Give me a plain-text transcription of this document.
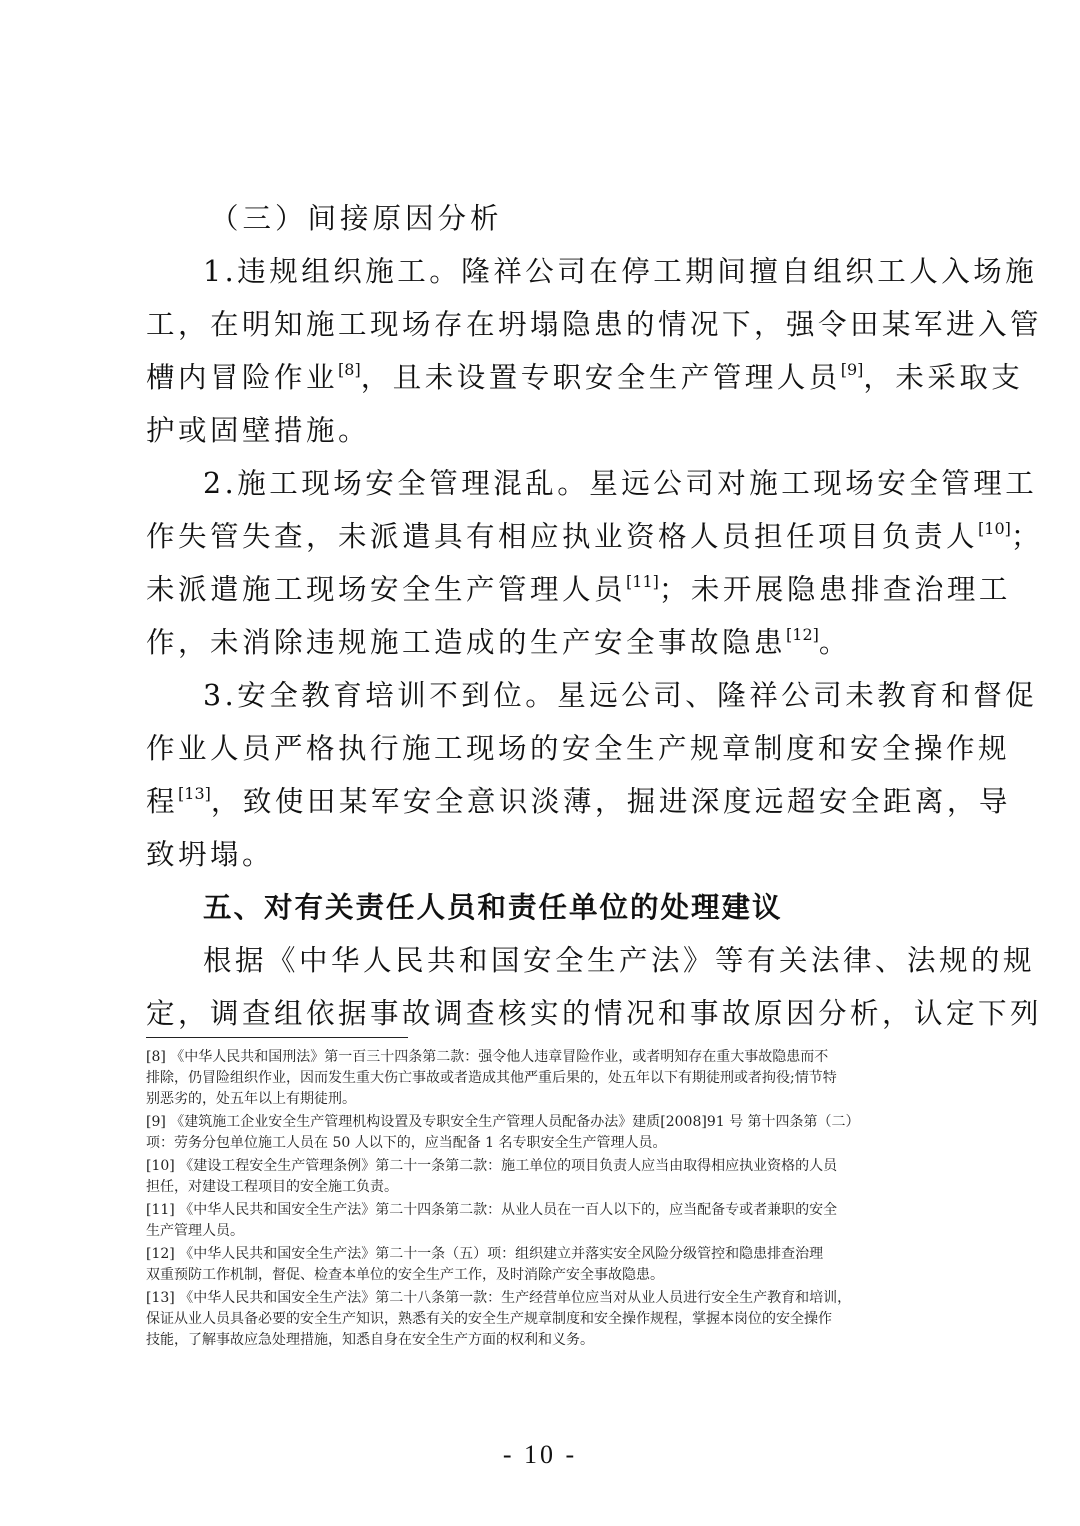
（三）间接原因分析
1.违规组织施工。隆祥公司在停工期间擅自组织工人入场施
工，在明知施工现场存在坍塌隐患的情况下，强令田某军进入管
槽内冒险作业[8]，且未设置专职安全生产管理人员[9]，未采取支
护或固壁措施。
2.施工现场安全管理混乱。星远公司对施工现场安全管理工
作失管失查，未派遣具有相应执业资格人员担任项目负责人[10]；
未派遣施工现场安全生产管理人员[11]；未开展隐患排查治理工
作，未消除违规施工造成的生产安全事故隐患[12]。
3.安全教育培训不到位。星远公司、隆祥公司未教育和督促
作业人员严格执行施工现场的安全生产规章制度和安全操作规
程[13]，致使田某军安全意识淡薄，掘进深度远超安全距离，导
致坍塌。
五、对有关责任人员和责任单位的处理建议
根据《中华人民共和国安全生产法》等有关法律、法规的规
定，调查组依据事故调查核实的情况和事故原因分析，认定下列
[8] 《中华人民共和国刑法》第一百三十四条第二款：强令他人违章冒险作业，或者明知存在重大事故隐患而不
排除，仍冒险组织作业，因而发生重大伤亡事故或者造成其他严重后果的，处五年以下有期徒刑或者拘役;情节特
别恶劣的，处五年以上有期徒刑。
[9] 《建筑施工企业安全生产管理机构设置及专职安全生产管理人员配备办法》建质[2008]91 号 第十四条第（二）
项：劳务分包单位施工人员在 50 人以下的，应当配备 1 名专职安全生产管理人员。
[10] 《建设工程安全生产管理条例》第二十一条第二款：施工单位的项目负责人应当由取得相应执业资格的人员
担任，对建设工程项目的安全施工负责。
[11] 《中华人民共和国安全生产法》第二十四条第二款：从业人员在一百人以下的，应当配备专或者兼职的安全
生产管理人员。
[12] 《中华人民共和国安全生产法》第二十一条（五）项：组织建立并落实安全风险分级管控和隐患排查治理
双重预防工作机制，督促、检查本单位的安全生产工作，及时消除产安全事故隐患。
[13] 《中华人民共和国安全生产法》第二十八条第一款：生产经营单位应当对从业人员进行安全生产教育和培训，
保证从业人员具备必要的安全生产知识，熟悉有关的安全生产规章制度和安全操作规程，掌握本岗位的安全操作
技能，了解事故应急处理措施，知悉自身在安全生产方面的权利和义务。
- 10 -
